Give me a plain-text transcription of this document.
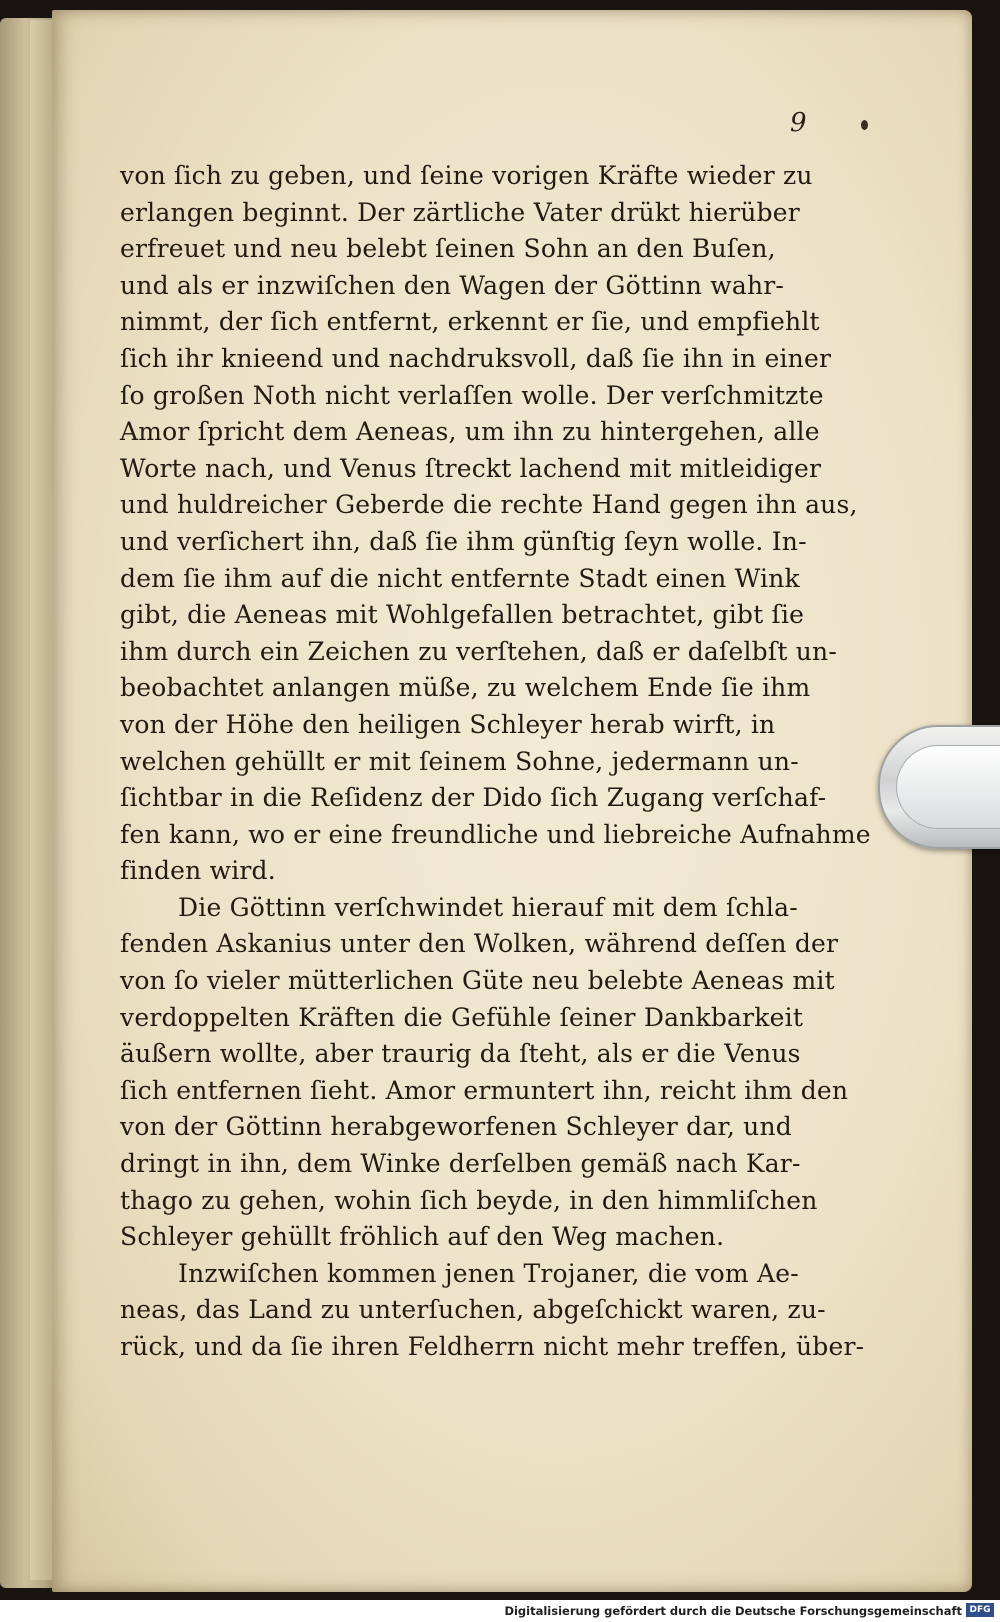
9
von ſich zu geben, und ſeine vorigen Kräfte wieder zu
erlangen beginnt. Der zärtliche Vater drükt hierüber
erfreuet und neu belebt ſeinen Sohn an den Buſen,
und als er inzwiſchen den Wagen der Göttinn wahr-
nimmt, der ſich entfernt, erkennt er ſie, und empfiehlt
ſich ihr knieend und nachdruksvoll, daß ſie ihn in einer
ſo großen Noth nicht verlaſſen wolle. Der verſchmitzte
Amor ſpricht dem Aeneas, um ihn zu hintergehen, alle
Worte nach, und Venus ſtreckt lachend mit mitleidiger
und huldreicher Geberde die rechte Hand gegen ihn aus,
und verſichert ihn, daß ſie ihm günſtig ſeyn wolle. In-
dem ſie ihm auf die nicht entfernte Stadt einen Wink
gibt, die Aeneas mit Wohlgefallen betrachtet, gibt ſie
ihm durch ein Zeichen zu verſtehen, daß er daſelbſt un-
beobachtet anlangen müße, zu welchem Ende ſie ihm
von der Höhe den heiligen Schleyer herab wirft, in
welchen gehüllt er mit ſeinem Sohne, jedermann un-
ſichtbar in die Reſidenz der Dido ſich Zugang verſchaf-
fen kann, wo er eine freundliche und liebreiche Aufnahme
finden wird.
Die Göttinn verſchwindet hierauf mit dem ſchla-
fenden Askanius unter den Wolken, während deſſen der
von ſo vieler mütterlichen Güte neu belebte Aeneas mit
verdoppelten Kräften die Gefühle ſeiner Dankbarkeit
äußern wollte, aber traurig da ſteht, als er die Venus
ſich entfernen ſieht. Amor ermuntert ihn, reicht ihm den
von der Göttinn herabgeworfenen Schleyer dar, und
dringt in ihn, dem Winke derſelben gemäß nach Kar-
thago zu gehen, wohin ſich beyde, in den himmliſchen
Schleyer gehüllt fröhlich auf den Weg machen.
Inzwiſchen kommen jenen Trojaner, die vom Ae-
neas, das Land zu unterſuchen, abgeſchickt waren, zu-
rück, und da ſie ihren Feldherrn nicht mehr treffen, über-
Digitalisierung gefördert durch die Deutsche Forschungsgemeinschaft DFG
